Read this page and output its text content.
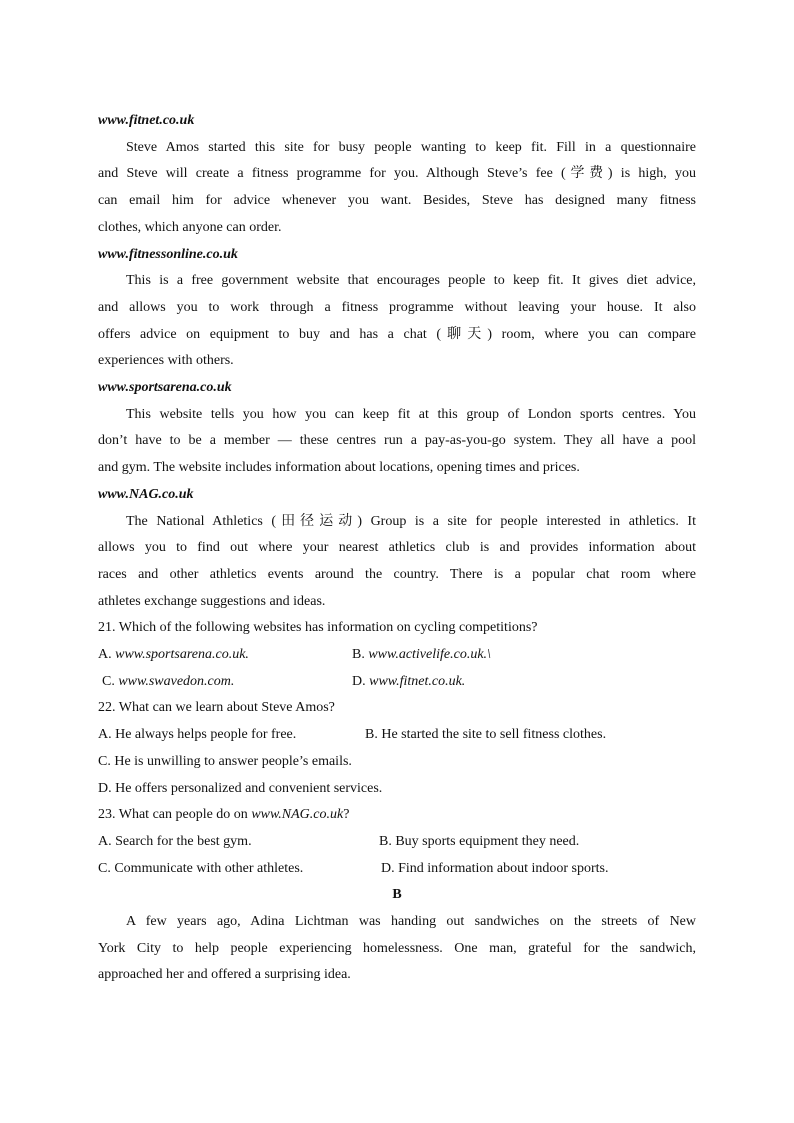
www.fitnet.co.uk
Steve Amos started this site for busy people wanting to keep fit. Fill in a questionnaire
and Steve will create a fitness programme for you. Although Steve’s fee (学费) is high, you
can email him for advice whenever you want. Besides, Steve has designed many fitness
clothes, which anyone can order.
www.fitnessonline.co.uk
This is a free government website that encourages people to keep fit. It gives diet advice,
and allows you to work through a fitness programme without leaving your house. It also
offers advice on equipment to buy and has a chat (聊天) room, where you can compare
experiences with others.
www.sportsarena.co.uk
This website tells you how you can keep fit at this group of London sports centres. You
don’t have to be a member — these centres run a pay-as-you-go system. They all have a pool
and gym. The website includes information about locations, opening times and prices.
www.NAG.co.uk
The National Athletics (田径运动) Group is a site for people interested in athletics. It
allows you to find out where your nearest athletics club is and provides information about
races and other athletics events around the country. There is a popular chat room where
athletes exchange suggestions and ideas.
21. Which of the following websites has information on cycling competitions?
A. www.sportsarena.co.uk.	B. www.activelife.co.uk.\
C. www.swavedon.com.	D. www.fitnet.co.uk.
22. What can we learn about Steve Amos?
A. He always helps people for free.	B. He started the site to sell fitness clothes.
C. He is unwilling to answer people’s emails.
D. He offers personalized and convenient services.
23. What can people do on www.NAG.co.uk?
A. Search for the best gym.	B. Buy sports equipment they need.
C. Communicate with other athletes.	D. Find information about indoor sports.
B
A few years ago, Adina Lichtman was handing out sandwiches on the streets of New
York City to help people experiencing homelessness. One man, grateful for the sandwich,
approached her and offered a surprising idea.
